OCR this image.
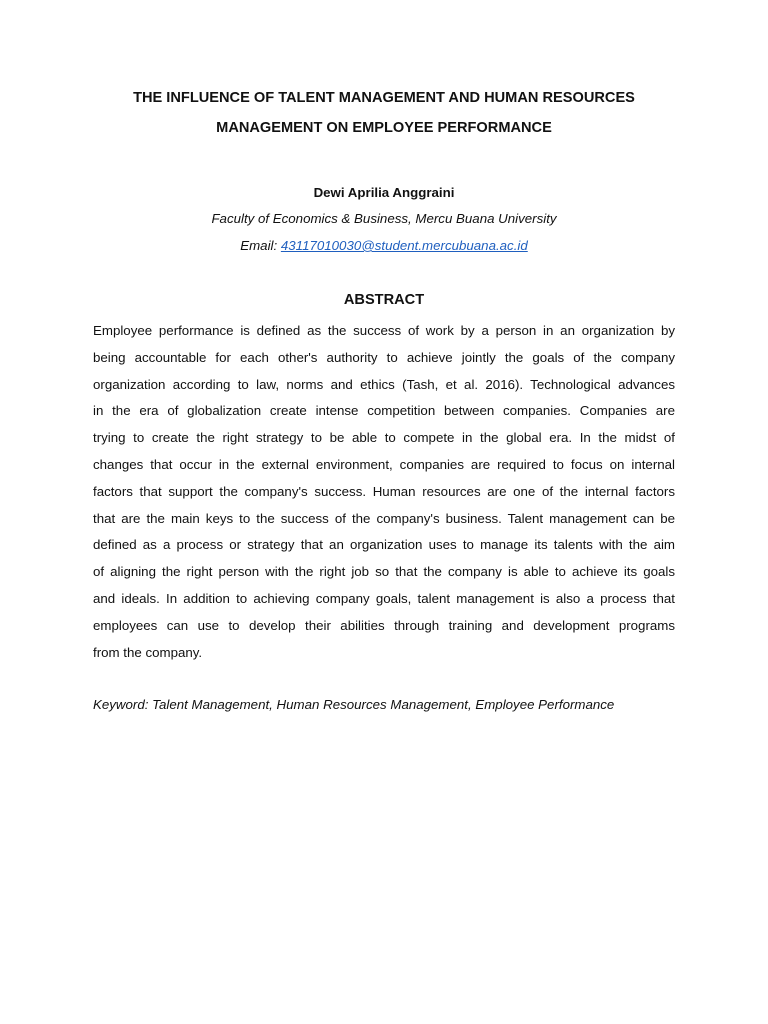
THE INFLUENCE OF TALENT MANAGEMENT AND HUMAN RESOURCES
MANAGEMENT ON EMPLOYEE PERFORMANCE
Dewi Aprilia Anggraini
Faculty of Economics & Business, Mercu Buana University
Email: 43117010030@student.mercubuana.ac.id
ABSTRACT
Employee performance is defined as the success of work by a person in an organization by
being accountable for each other's authority to achieve jointly the goals of the company
organization according to law, norms and ethics (Tash, et al. 2016). Technological advances
in the era of globalization create intense competition between companies. Companies are
trying to create the right strategy to be able to compete in the global era. In the midst of
changes that occur in the external environment, companies are required to focus on internal
factors that support the company's success. Human resources are one of the internal factors
that are the main keys to the success of the company's business. Talent management can be
defined as a process or strategy that an organization uses to manage its talents with the aim
of aligning the right person with the right job so that the company is able to achieve its goals
and ideals. In addition to achieving company goals, talent management is also a process that
employees can use to develop their abilities through training and development programs
from the company.
Keyword: Talent Management, Human Resources Management, Employee Performance
